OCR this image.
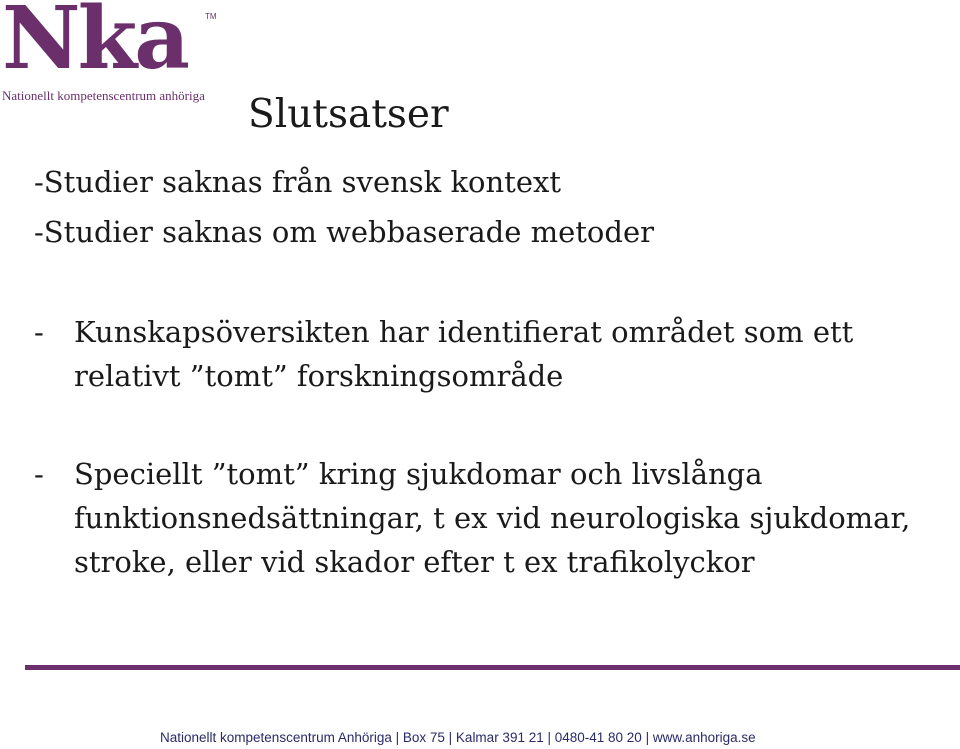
Nka TM
Nationellt kompetenscentrum anhöriga Slutsatser

-Studier saknas från svensk kontext

-Studier saknas om webbaserade metoder

- Kunskapsöversikten har identifierat området som ett relativt ”tomt” forskningsområde
- Speciellt ”tomt” kring sjukdomar och livslånga funktionsnedsättningar, t ex vid neurologiska sjukdomar, stroke, eller vid skador efter t ex trafikolyckor
Nationellt kompetenscentrum Anhöriga | Box 75 | Kalmar 391 21 | 0480-41 80 20 | www.anhoriga.se
